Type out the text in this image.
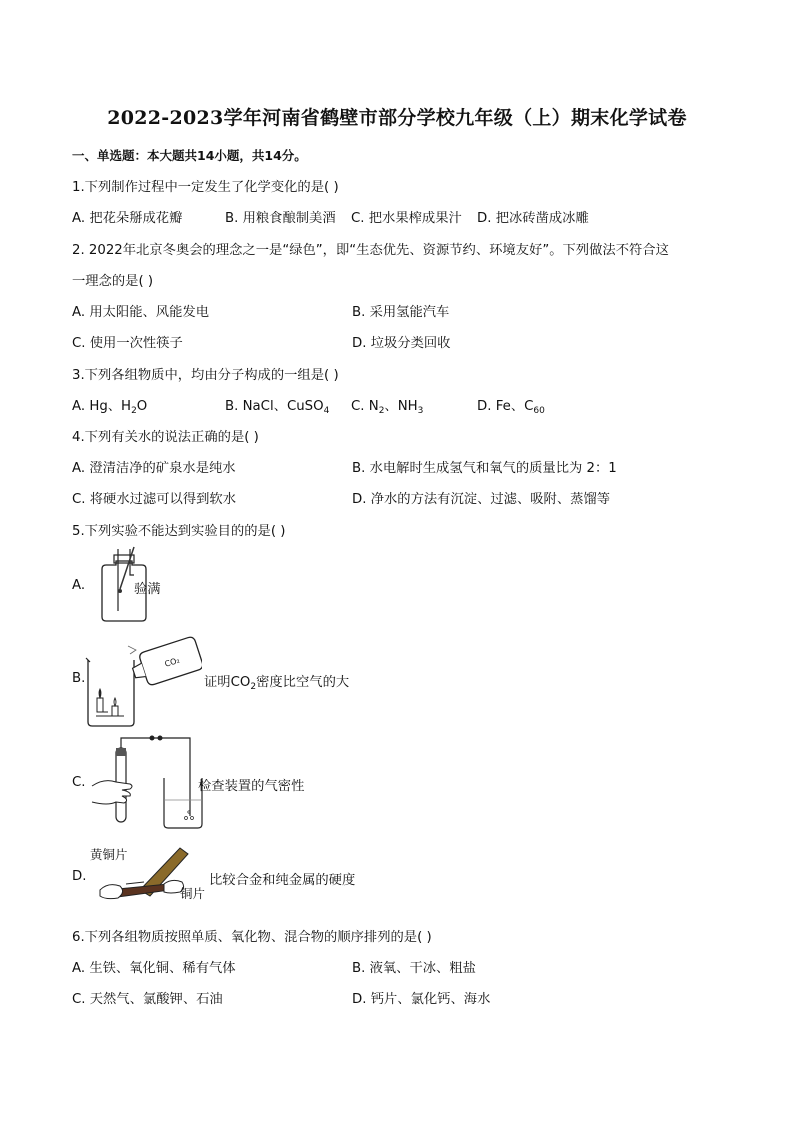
2022-2023学年河南省鹤壁市部分学校九年级（上）期末化学试卷
一、单选题：本大题共14小题，共14分。
1.下列制作过程中一定发生了化学变化的是( )
A. 把花朵掰成花瓣	B. 用粮食酿制美酒 C. 把水果榨成果汁 D. 把冰砖凿成冰雕
2. 2022年北京冬奥会的理念之一是“绿色”，即“生态优先、资源节约、环境友好”。下列做法不符合这
一理念的是( )
A. 用太阳能、风能发电	B. 采用氢能汽车
C. 使用一次性筷子	D. 垃圾分类回收
3.下列各组物质中，均由分子构成的一组是( )
A. Hg、$H_2O$	B. NaCl、CuSO$_4$ C. $N_2$、$NH_3$	D. Fe、$C_{60}$
4.下列有关水的说法正确的是( )
A. 澄清洁净的矿泉水是纯水	B. 水电解时生成氢气和氧气的质量比为 2：1
C. 将硬水过滤可以得到软水	D. 净水的方法有沉淀、过滤、吸附、蒸馏等
5.下列实验不能达到实验目的的是( )
A.	验满
B.
CO₂
证明$CO_2$密度比空气的大
C.	检查装置的气密性
D.
黄铜片
铜片
比较合金和纯金属的硬度
6.下列各组物质按照单质、氧化物、混合物的顺序排列的是( )
A. 生铁、氧化铜、稀有气体	B. 液氧、干冰、粗盐
C. 天然气、氯酸钾、石油	D. 钙片、氯化钙、海水
